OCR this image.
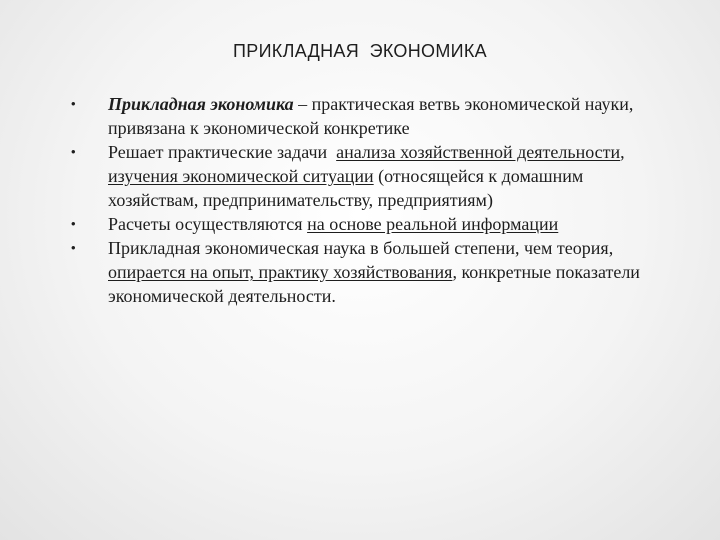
ПРИКЛАДНАЯ  ЭКОНОМИКА
• Прикладная экономика – практическая ветвь экономической науки, привязана к экономической конкретике
• Решает практические задачи  анализа хозяйственной деятельности, изучения экономической ситуации (относящейся к домашним хозяйствам, предпринимательству, предприятиям)
• Расчеты осуществляются на основе реальной информации
• Прикладная экономическая наука в большей степени, чем теория, опирается на опыт, практику хозяйствования, конкретные показатели экономической деятельности.
